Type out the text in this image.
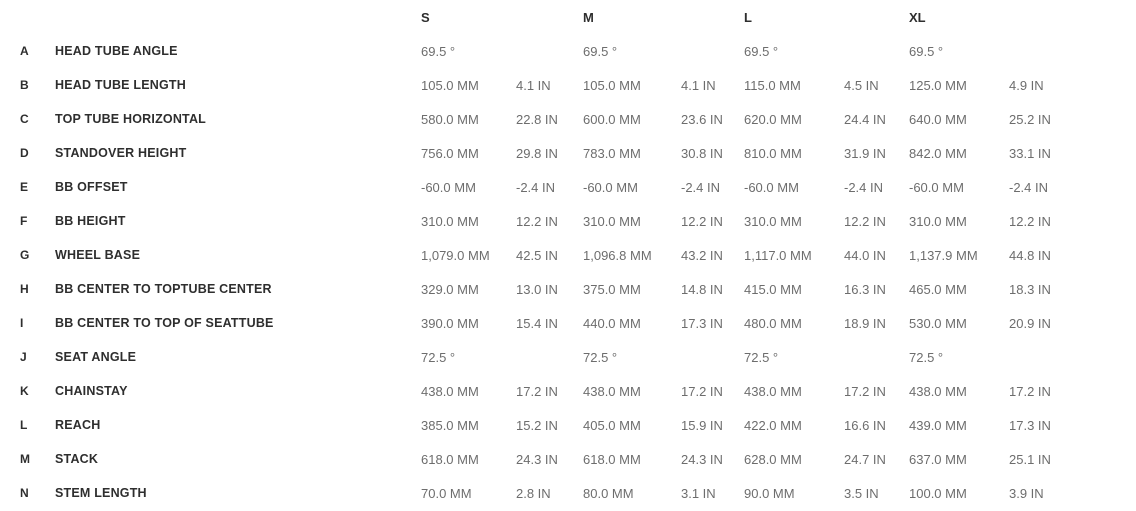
S	M	L	XL
A	HEAD TUBE ANGLE	69.5 °	69.5 °	69.5 °	69.5 °
B	HEAD TUBE LENGTH	105.0 MM	4.1 IN	105.0 MM	4.1 IN	115.0 MM	4.5 IN	125.0 MM	4.9 IN
C	TOP TUBE HORIZONTAL	580.0 MM	22.8 IN	600.0 MM	23.6 IN	620.0 MM	24.4 IN	640.0 MM	25.2 IN
D	STANDOVER HEIGHT	756.0 MM	29.8 IN	783.0 MM	30.8 IN	810.0 MM	31.9 IN	842.0 MM	33.1 IN
E	BB OFFSET	-60.0 MM	-2.4 IN	-60.0 MM	-2.4 IN	-60.0 MM	-2.4 IN	-60.0 MM	-2.4 IN
F	BB HEIGHT	310.0 MM	12.2 IN	310.0 MM	12.2 IN	310.0 MM	12.2 IN	310.0 MM	12.2 IN
G	WHEEL BASE	1,079.0 MM	42.5 IN	1,096.8 MM	43.2 IN	1,117.0 MM	44.0 IN	1,137.9 MM	44.8 IN
H	BB CENTER TO TOPTUBE CENTER	329.0 MM	13.0 IN	375.0 MM	14.8 IN	415.0 MM	16.3 IN	465.0 MM	18.3 IN
I	BB CENTER TO TOP OF SEATTUBE	390.0 MM	15.4 IN	440.0 MM	17.3 IN	480.0 MM	18.9 IN	530.0 MM	20.9 IN
J	SEAT ANGLE	72.5 °	72.5 °	72.5 °	72.5 °
K	CHAINSTAY	438.0 MM	17.2 IN	438.0 MM	17.2 IN	438.0 MM	17.2 IN	438.0 MM	17.2 IN
L	REACH	385.0 MM	15.2 IN	405.0 MM	15.9 IN	422.0 MM	16.6 IN	439.0 MM	17.3 IN
M	STACK	618.0 MM	24.3 IN	618.0 MM	24.3 IN	628.0 MM	24.7 IN	637.0 MM	25.1 IN
N	STEM LENGTH	70.0 MM	2.8 IN	80.0 MM	3.1 IN	90.0 MM	3.5 IN	100.0 MM	3.9 IN
